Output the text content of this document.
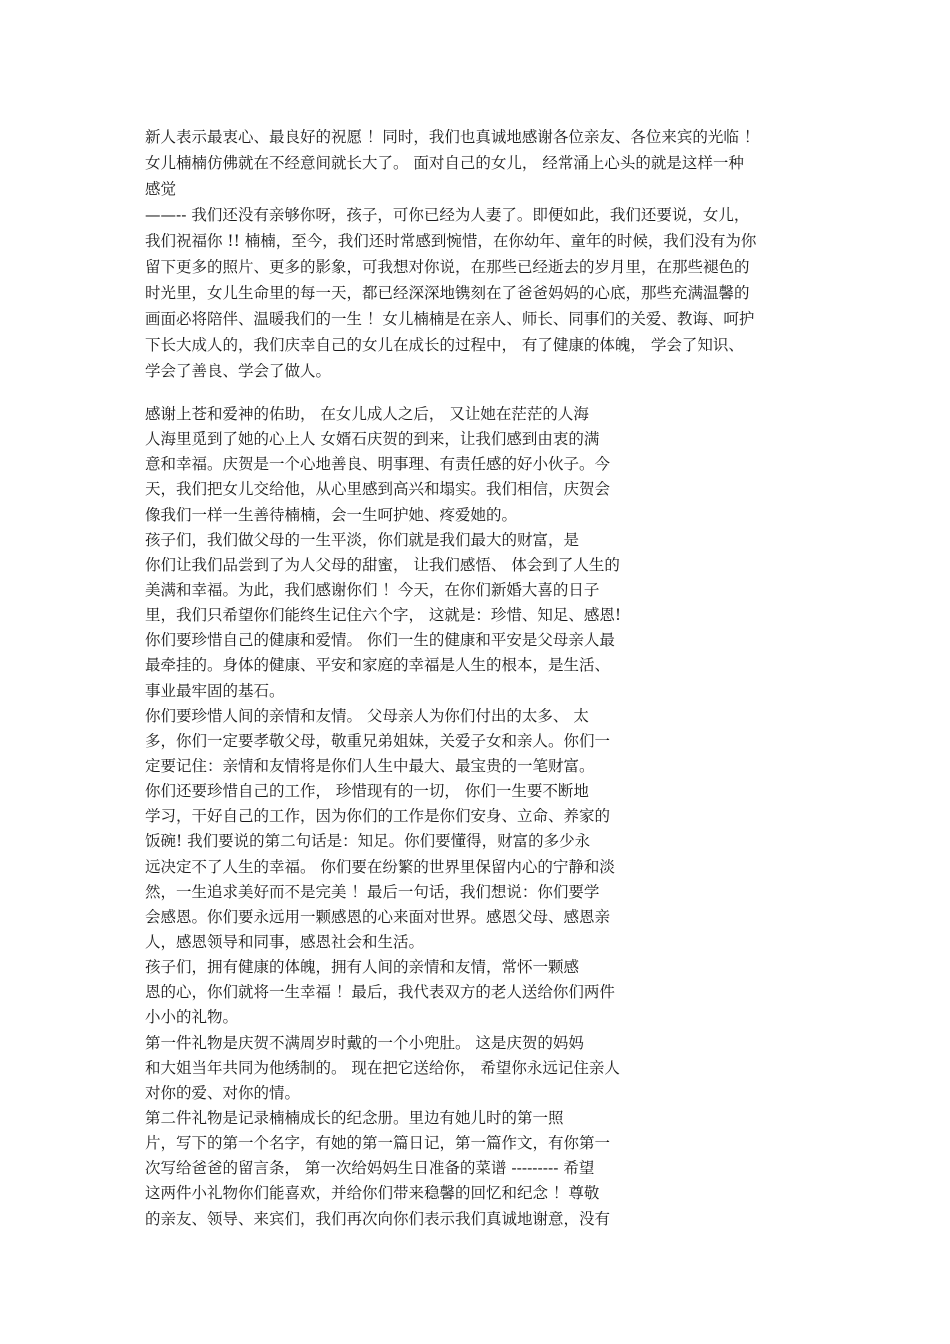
新人表示最衷心、最良好的祝愿 ！同时，我们也真诚地感谢各位亲友、各位来宾的光临 ！
女儿楠楠仿佛就在不经意间就长大了。 面对自己的女儿， 经常涌上心头的就是这样一种
感觉
——-- 我们还没有亲够你呀，孩子，可你已经为人妻了。即便如此，我们还要说，女儿，
我们祝福你 !! 楠楠，至今，我们还时常感到惋惜，在你幼年、童年的时候，我们没有为你
留下更多的照片、更多的影象，可我想对你说，在那些已经逝去的岁月里，在那些褪色的
时光里，女儿生命里的每一天，都已经深深地镌刻在了爸爸妈妈的心底，那些充满温馨的
画面必将陪伴、温暖我们的一生 ！女儿楠楠是在亲人、师长、同事们的关爱、教诲、呵护
下长大成人的，我们庆幸自己的女儿在成长的过程中， 有了健康的体魄， 学会了知识、
学会了善良、学会了做人。
感谢上苍和爱神的佑助， 在女儿成人之后， 又让她在茫茫的人海
人海里觅到了她的心上人 女婿石庆贺的到来，让我们感到由衷的满
意和幸福。庆贺是一个心地善良、明事理、有责任感的好小伙子。今
天，我们把女儿交给他，从心里感到高兴和塌实。我们相信，庆贺会
像我们一样一生善待楠楠，会一生呵护她、疼爱她的。
孩子们，我们做父母的一生平淡，你们就是我们最大的财富，是
你们让我们品尝到了为人父母的甜蜜， 让我们感悟、 体会到了人生的
美满和幸福。为此，我们感谢你们 ！今天，在你们新婚大喜的日子
里，我们只希望你们能终生记住六个字， 这就是：珍惜、知足、感恩!
你们要珍惜自己的健康和爱情。 你们一生的健康和平安是父母亲人最
最牵挂的。身体的健康、平安和家庭的幸福是人生的根本，是生活、
事业最牢固的基石。
你们要珍惜人间的亲情和友情。 父母亲人为你们付出的太多、 太
多，你们一定要孝敬父母，敬重兄弟姐妹，关爱子女和亲人。你们一
定要记住：亲情和友情将是你们人生中最大、最宝贵的一笔财富。
你们还要珍惜自己的工作， 珍惜现有的一切， 你们一生要不断地
学习，干好自己的工作，因为你们的工作是你们安身、立命、养家的
饭碗! 我们要说的第二句话是：知足。你们要懂得，财富的多少永
远决定不了人生的幸福。 你们要在纷繁的世界里保留内心的宁静和淡
然，一生追求美好而不是完美 ！最后一句话，我们想说：你们要学
会感恩。你们要永远用一颗感恩的心来面对世界。感恩父母、感恩亲
人，感恩领导和同事，感恩社会和生活。
孩子们，拥有健康的体魄，拥有人间的亲情和友情，常怀一颗感
恩的心，你们就将一生幸福 ！最后，我代表双方的老人送给你们两件
小小的礼物。
第一件礼物是庆贺不满周岁时戴的一个小兜肚。 这是庆贺的妈妈
和大姐当年共同为他绣制的。 现在把它送给你， 希望你永远记住亲人
对你的爱、对你的情。
第二件礼物是记录楠楠成长的纪念册。里边有她儿时的第一照
片，写下的第一个名字，有她的第一篇日记，第一篇作文，有你第一
次写给爸爸的留言条， 第一次给妈妈生日准备的菜谱 --------- 希望
这两件小礼物你们能喜欢，并给你们带来稳馨的回忆和纪念 ！尊敬
的亲友、领导、来宾们，我们再次向你们表示我们真诚地谢意，没有
